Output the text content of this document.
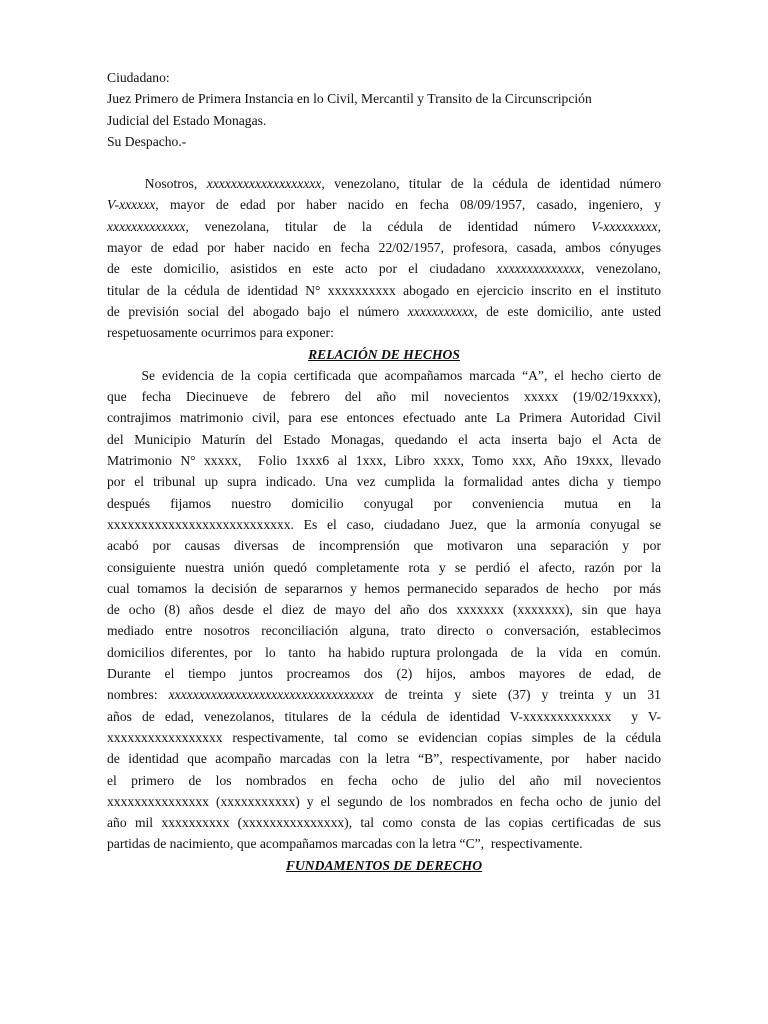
Ciudadano:
Juez Primero de Primera Instancia en lo Civil, Mercantil y Transito de la Circunscripción
Judicial del Estado Monagas.
Su Despacho.-
Nosotros, xxxxxxxxxxxxxxxxxxx, venezolano, titular de la cédula de identidad número
V-xxxxxx, mayor de edad por haber nacido en fecha 08/09/1957, casado, ingeniero, y
xxxxxxxxxxxxx, venezolana, titular de la cédula de identidad número V-xxxxxxxxx,
mayor de edad por haber nacido en fecha 22/02/1957, profesora, casada, ambos cónyuges
de este domicilio, asistidos en este acto por el ciudadano xxxxxxxxxxxxxx, venezolano,
titular de la cédula de identidad N° xxxxxxxxxx abogado en ejercicio inscrito en el instituto
de previsión social del abogado bajo el número xxxxxxxxxxx, de este domicilio, ante usted
respetuosamente ocurrimos para exponer:
RELACIÓN DE HECHOS
Se evidencia de la copia certificada que acompañamos marcada “A”, el hecho cierto de
que fecha Diecinueve de febrero del año mil novecientos xxxxx (19/02/19xxxx),
contrajimos matrimonio civil, para ese entonces efectuado ante La Primera Autoridad Civil
del Municipio Maturín del Estado Monagas, quedando el acta inserta bajo el Acta de
Matrimonio N° xxxxx,  Folio 1xxx6 al 1xxx, Libro xxxx, Tomo xxx, Año 19xxx, llevado
por el tribunal up supra indicado. Una vez cumplida la formalidad antes dicha y tiempo
después fijamos nuestro domicilio conyugal por conveniencia mutua en la
xxxxxxxxxxxxxxxxxxxxxxxxxxx. Es el caso, ciudadano Juez, que la armonía conyugal se
acabó por causas diversas de incomprensión que motivaron una separación y por
consiguiente nuestra unión quedó completamente rota y se perdió el afecto, razón por la
cual tomamos la decisión de separarnos y hemos permanecido separados de hecho  por más
de ocho (8) años desde el diez de mayo del año dos xxxxxxx (xxxxxxx), sin que haya
mediado entre nosotros reconciliación alguna, trato directo o conversación, establecimos
domicilios diferentes, por  lo  tanto  ha habido ruptura prolongada  de  la  vida  en  común.
Durante el tiempo juntos procreamos dos (2) hijos, ambos mayores de edad, de
nombres: xxxxxxxxxxxxxxxxxxxxxxxxxxxxxxxxxx de treinta y siete (37) y treinta y un 31
años de edad, venezolanos, titulares de la cédula de identidad V-xxxxxxxxxxxxx  y V-
xxxxxxxxxxxxxxxxx respectivamente, tal como se evidencian copias simples de la cédula
de identidad que acompaño marcadas con la letra “B”, respectivamente, por  haber nacido
el primero de los nombrados en fecha ocho de julio del año mil novecientos
xxxxxxxxxxxxxxx (xxxxxxxxxxx) y el segundo de los nombrados en fecha ocho de junio del
año mil xxxxxxxxxx (xxxxxxxxxxxxxxx), tal como consta de las copias certificadas de sus
partidas de nacimiento, que acompañamos marcadas con la letra “C”,  respectivamente.
FUNDAMENTOS DE DERECHO
